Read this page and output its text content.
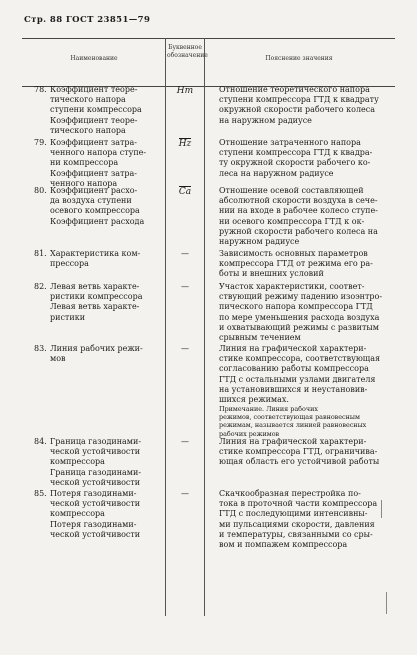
Стр. 88 ГОСТ 23851—79
Наименование
Буквенное обозначение	Пояснение значения
78. Коэффициент теоре-
тического напора
ступени компрессора
Коэффициент теоре-
тического напора
Hт	Отношение теоретического напора
ступени компрессора ГТД к квадрату
окружной скорости рабочего колеса
на наружном радиусе
79. Коэффициент затра-
ченного напора ступе-
ни компрессора
Коэффициент затра-
ченного напора
Hz	Отношение затраченного напора
ступени компрессора ГТД к квадра-
ту окружной скорости рабочего ко-
леса на наружном радиусе
80. Коэффициент расхо-
да воздуха ступени
осевого компрессора
Коэффициент расхода
Ca	Отношение осевой составляющей
абсолютной скорости воздуха в сече-
нии на входе в рабочее колесо ступе-
ни осевого компрессора ГТД к ок-
ружной скорости рабочего колеса на
наружном радиусе
81. Характеристика ком-
прессора
—	Зависимость основных параметров
компрессора ГТД от режима его ра-
боты и внешних условий
82. Левая ветвь характе-
ристики компрессора
Левая ветвь характе-
ристики
—	Участок характеристики, соответ-
ствующий режиму падению изоэнтро-
пического напора компрессора ГТД
по мере уменьшения расхода воздуха
и охватывающий режимы с развитым
срывным течением
83. Линия рабочих режи-
мов
—	Линия на графической характери-
стике компрессора, соответствующая
согласованию работы компрессора
ГТД с остальными узлами двигателя
на установившихся и неустановив-
шихся режимах.
Примечание. Линия рабочих
режимов, соответствующая равновесным
режимам, называется линией равновесных
рабочих режимов
84. Граница газодинами-
ческой устойчивости
компрессора
Граница газодинами-
ческой устойчивости
—	Линия на графической характери-
стике компрессора ГТД, ограничива-
ющая область его устойчивой работы
85. Потеря газодинами-
ческой устойчивости
компрессора
Потеря газодинами-
ческой устойчивости
—	Скачкообразная перестройка по-
тока в проточной части компрессора
ГТД с последующими интенсивны-
ми пульсациями скорости, давления
и температуры, связанными со сры-
вом и помпажем компрессора
